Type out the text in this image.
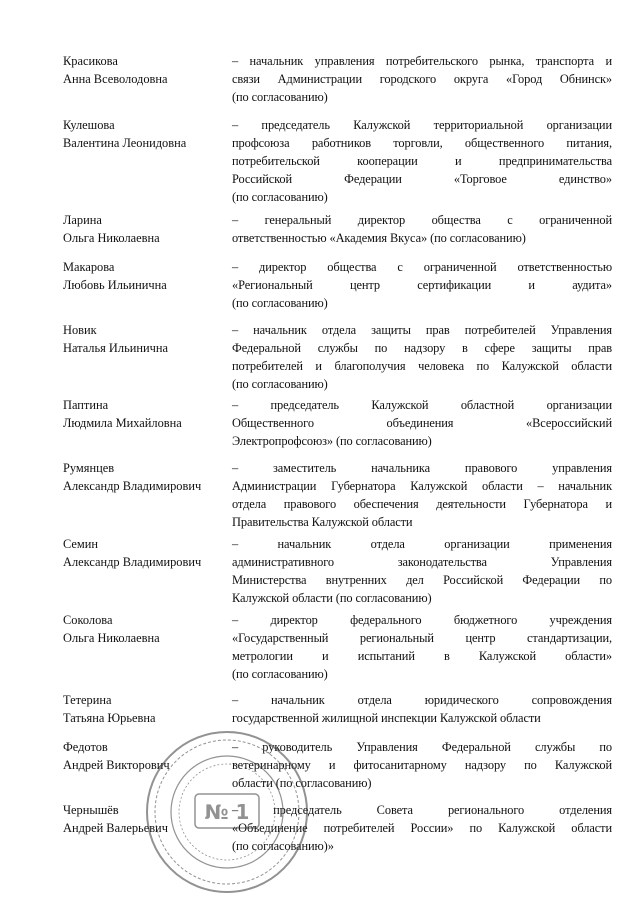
Красикова
Анна Всеволодовна
– начальник управления потребительского рынка, транспорта и
связи Администрации городского округа «Город Обнинск»
(по согласованию)
Кулешова
Валентина Леонидовна
– председатель Калужской территориальной организации
профсоюза работников торговли, общественного питания,
потребительской кооперации и предпринимательства
Российской Федерации «Торговое единство»
(по согласованию)
Ларина
Ольга Николаевна
– генеральный директор общества с ограниченной
ответственностью «Академия Вкуса» (по согласованию)
Макарова
Любовь Ильинична
– директор общества с ограниченной ответственностью
«Региональный центр сертификации и аудита»
(по согласованию)
Новик
Наталья Ильинична
– начальник отдела защиты прав потребителей Управления
Федеральной службы по надзору в сфере защиты прав
потребителей и благополучия человека по Калужской области
(по согласованию)
Паптина
Людмила Михайловна
– председатель Калужской областной организации
Общественного объединения «Всероссийский
Электропрофсоюз» (по согласованию)
Румянцев
Александр Владимирович
– заместитель начальника правового управления
Администрации Губернатора Калужской области – начальник
отдела правового обеспечения деятельности Губернатора и
Правительства Калужской области
Семин
Александр Владимирович
– начальник отдела организации применения
административного законодательства Управления
Министерства внутренних дел Российской Федерации по
Калужской области (по согласованию)
Соколова
Ольга Николаевна
– директор федерального бюджетного учреждения
«Государственный региональный центр стандартизации,
метрологии и испытаний в Калужской области»
(по согласованию)
Тетерина
Татьяна Юрьевна
– начальник отдела юридического сопровождения
государственной жилищной инспекции Калужской области
Федотов
Андрей Викторович
– руководитель Управления Федеральной службы по
ветеринарному и фитосанитарному надзору по Калужской
области (по согласованию)
Чернышёв
Андрей Валерьевич
– председатель Совета регионального отделения
«Объединение потребителей России» по Калужской области
(по согласованию)»
№ 1
